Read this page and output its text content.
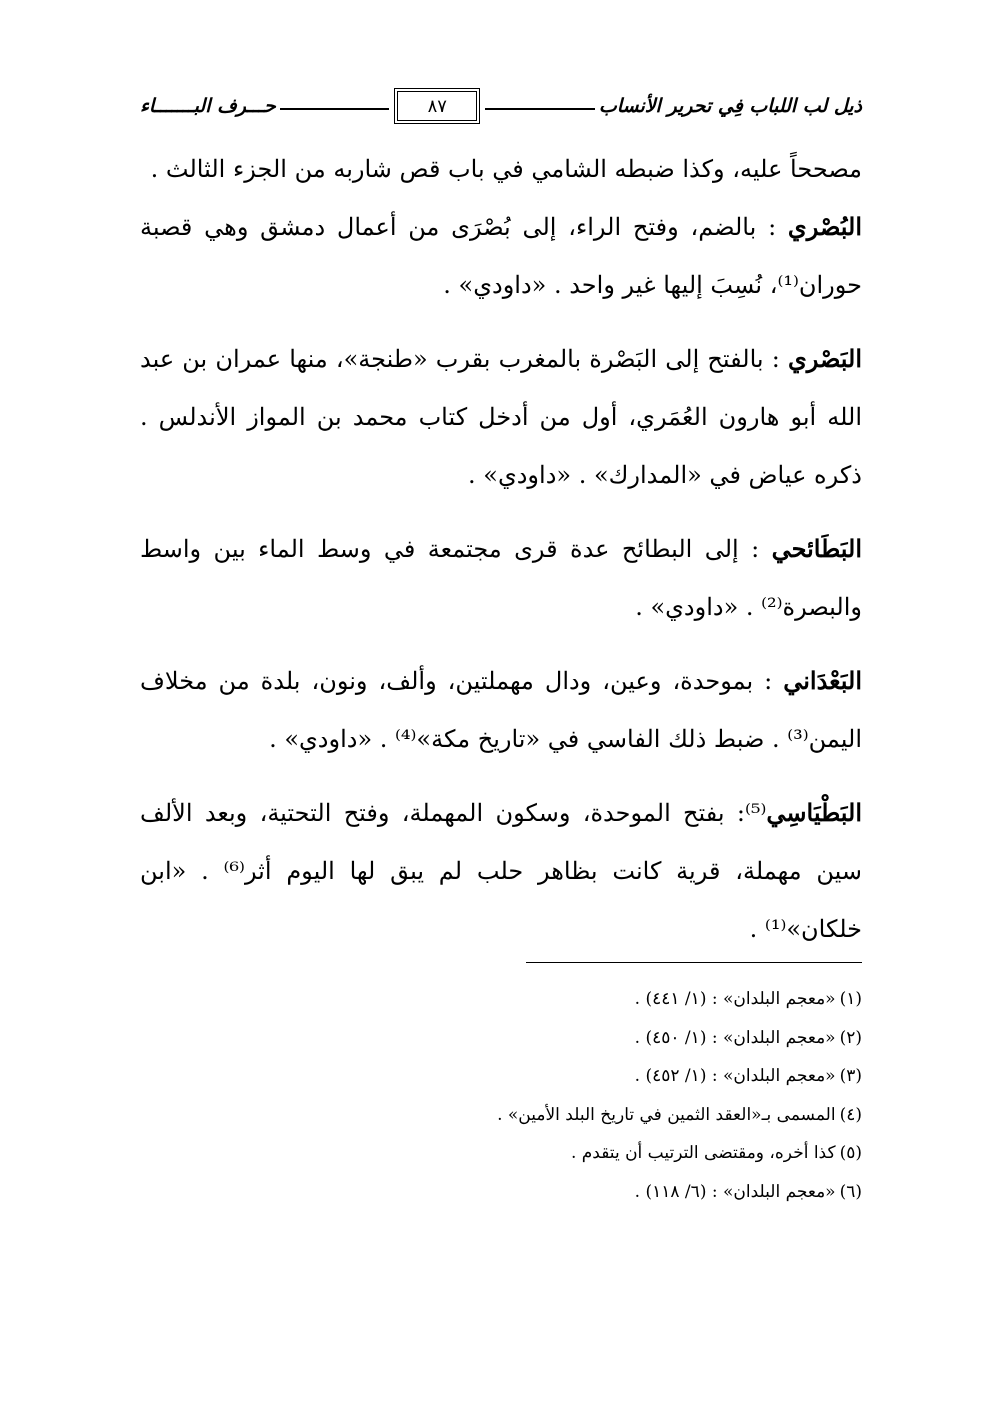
ذيل لب اللباب فِي تحرير الأنساب
٨٧
حـــرف البـــــــاء

مصححاً عليه، وكذا ضبطه الشامي في باب قص شاربه من الجزء الثالث .

البُصْري : بالضم، وفتح الراء، إلى بُصْرَى من أعمال دمشق وهي قصبة حوران⁽¹⁾، نُسِبَ إليها غير واحد . «داودي» .

البَصْري : بالفتح إلى البَصْرة بالمغرب بقرب «طنجة»، منها عمران بن عبد الله أبو هارون العُمَري، أول من أدخل كتاب محمد بن المواز الأندلس . ذكره عياض في «المدارك» . «داودي» .

البَطَائحي : إلى البطائح عدة قرى مجتمعة في وسط الماء بين واسط والبصرة⁽²⁾ . «داودي» .

البَعْدَاني : بموحدة، وعين، ودال مهملتين، وألف، ونون، بلدة من مخلاف اليمن⁽³⁾ . ضبط ذلك الفاسي في «تاريخ مكة»⁽⁴⁾ . «داودي» .

البَطْيَاسِي⁽⁵⁾: بفتح الموحدة، وسكون المهملة، وفتح التحتية، وبعد الألف سين مهملة، قرية كانت بظاهر حلب لم يبق لها اليوم أثر⁽⁶⁾ . «ابن خلكان»⁽¹⁾ .

(١)«معجم البلدان» : (١/ ٤٤١) .

(٢)«معجم البلدان» : (١/ ٤٥٠) .

(٣)«معجم البلدان» : (١/ ٤٥٢) .

(٤)المسمى بـ«العقد الثمين في تاريخ البلد الأمين» .

(٥)كذا أخره، ومقتضى الترتيب أن يتقدم .

(٦)«معجم البلدان» : (٦/ ١١٨) .
